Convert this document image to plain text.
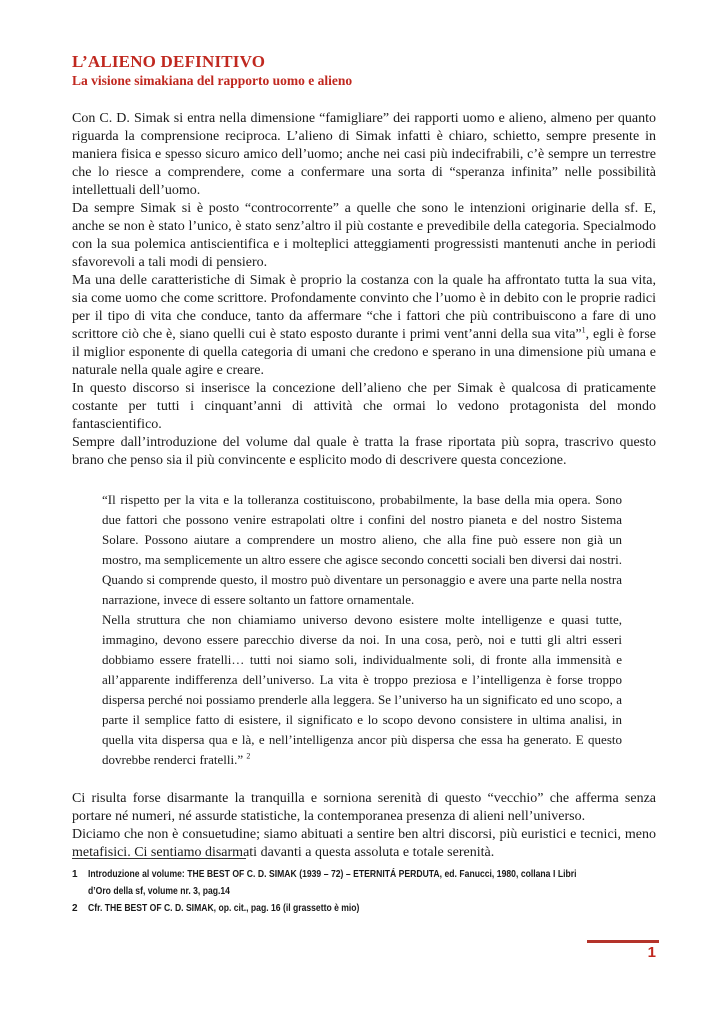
L’ALIENO DEFINITIVO
La visione simakiana del rapporto uomo e alieno

Con C. D. Simak si entra nella dimensione “famigliare” dei rapporti uomo e alieno, almeno per quanto riguarda la comprensione reciproca. L’alieno di Simak infatti è chiaro, schietto, sempre presente in maniera fisica e spesso sicuro amico dell’uomo; anche nei casi più indecifrabili, c’è sempre un terrestre che lo riesce a comprendere, come a confermare una sorta di “speranza infinita” nelle possibilità intellettuali dell’uomo.

Da sempre Simak si è posto “controcorrente” a quelle che sono le intenzioni originarie della sf. E, anche se non è stato l’unico, è stato senz’altro il più costante e prevedibile della categoria. Specialmodo con la sua polemica antiscientifica e i molteplici atteggiamenti progressisti mantenuti anche in periodi sfavorevoli a tali modi di pensiero.

Ma una delle caratteristiche di Simak è proprio la costanza con la quale ha affrontato tutta la sua vita, sia come uomo che come scrittore. Profondamente convinto che l’uomo è in debito con le proprie radici per il tipo di vita che conduce, tanto da affermare “che i fattori che più contribuiscono a fare di uno scrittore ciò che è, siano quelli cui è stato esposto durante i primi vent’anni della sua vita”$^1$, egli è forse il miglior esponente di quella categoria di umani che credono e sperano in una dimensione più umana e naturale nella quale agire e creare.

In questo discorso si inserisce la concezione dell’alieno che per Simak è qualcosa di praticamente costante per tutti i cinquant’anni di attività che ormai lo vedono protagonista del mondo fantascientifico.

Sempre dall’introduzione del volume dal quale è tratta la frase riportata più sopra, trascrivo questo brano che penso sia il più convincente e esplicito modo di descrivere questa concezione.

“Il rispetto per la vita e la tolleranza costituiscono, probabilmente, la base della mia opera. Sono due fattori che possono venire estrapolati oltre i confini del nostro pianeta e del nostro Sistema Solare. Possono aiutare a comprendere un mostro alieno, che alla fine può essere non già un mostro, ma semplicemente un altro essere che agisce secondo concetti sociali ben diversi dai nostri. Quando si comprende questo, il mostro può diventare un personaggio e avere una parte nella nostra narrazione, invece di essere soltanto un fattore ornamentale.

Nella struttura che non chiamiamo universo devono esistere molte intelligenze e quasi tutte, immagino, devono essere parecchio diverse da noi. In una cosa, però, noi e tutti gli altri esseri dobbiamo essere fratelli… tutti noi siamo soli, individualmente soli, di fronte alla immensità e all’apparente indifferenza dell’universo. La vita è troppo preziosa e l’intelligenza è forse troppo dispersa perché noi possiamo prenderle alla leggera. Se l’universo ha un significato ed uno scopo, a parte il semplice fatto di esistere, il significato e lo scopo devono consistere in ultima analisi, in quella vita dispersa qua e là, e nell’intelligenza ancor più dispersa che essa ha generato. E questo dovrebbe renderci fratelli.” $^2$

Ci risulta forse disarmante la tranquilla e sorniona serenità di questo “vecchio” che afferma senza portare né numeri, né assurde statistiche, la contemporanea presenza di alieni nell’universo.

Diciamo che non è consuetudine; siamo abituati a sentire ben altri discorsi, più euristici e tecnici, meno metafisici. Ci sentiamo disarmati davanti a questa assoluta e totale serenità.

1	Introduzione al volume: THE BEST OF C. D. SIMAK (1939 – 72) – ETERNITÁ PERDUTA, ed. Fanucci, 1980, collana I Libri d’Oro della sf, volume nr. 3, pag.14
2	Cfr. THE BEST OF C. D. SIMAK, op. cit., pag. 16 (il grassetto è mio)
1
